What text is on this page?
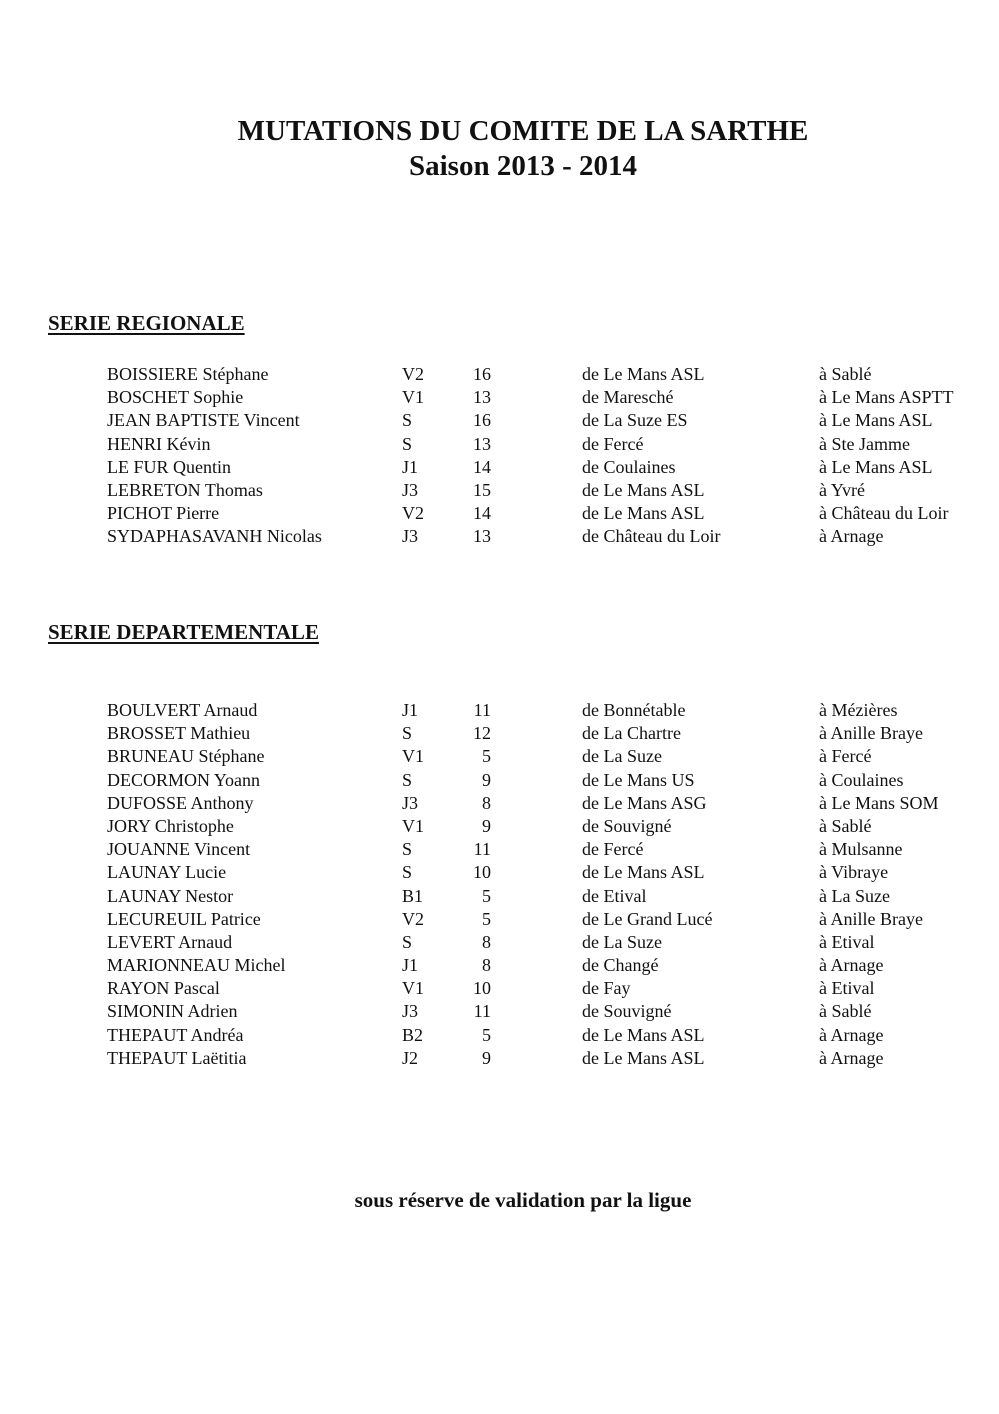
MUTATIONS DU COMITE DE LA SARTHE
Saison 2013 - 2014
SERIE REGIONALE
BOISSIERE Stéphane	V2	16	de Le Mans ASL	à Sablé
BOSCHET Sophie	V1	13	de Maresché	à Le Mans ASPTT
JEAN BAPTISTE Vincent	S	16	de La Suze ES	à Le Mans ASL
HENRI Kévin	S	13	de Fercé	à Ste Jamme
LE FUR Quentin	J1	14	de Coulaines	à Le Mans ASL
LEBRETON Thomas	J3	15	de Le Mans ASL	à Yvré
PICHOT Pierre	V2	14	de Le Mans ASL	à Château du Loir
SYDAPHASAVANH Nicolas	J3	13	de Château du Loir	à Arnage
SERIE DEPARTEMENTALE
BOULVERT Arnaud	J1	11	de Bonnétable	à Mézières
BROSSET Mathieu	S	12	de La Chartre	à Anille Braye
BRUNEAU Stéphane	V1	5	de La Suze	à Fercé
DECORMON Yoann	S	9	de Le Mans US	à Coulaines
DUFOSSE Anthony	J3	8	de Le Mans ASG	à Le Mans SOM
JORY Christophe	V1	9	de Souvigné	à Sablé
JOUANNE Vincent	S	11	de Fercé	à Mulsanne
LAUNAY Lucie	S	10	de Le Mans ASL	à Vibraye
LAUNAY Nestor	B1	5	de Etival	à La Suze
LECUREUIL Patrice	V2	5	de Le Grand Lucé	à Anille Braye
LEVERT Arnaud	S	8	de La Suze	à Etival
MARIONNEAU Michel	J1	8	de Changé	à Arnage
RAYON Pascal	V1	10	de Fay	à Etival
SIMONIN Adrien	J3	11	de Souvigné	à Sablé
THEPAUT Andréa	B2	5	de Le Mans ASL	à Arnage
THEPAUT Laëtitia	J2	9	de Le Mans ASL	à Arnage

sous réserve de validation par la ligue
